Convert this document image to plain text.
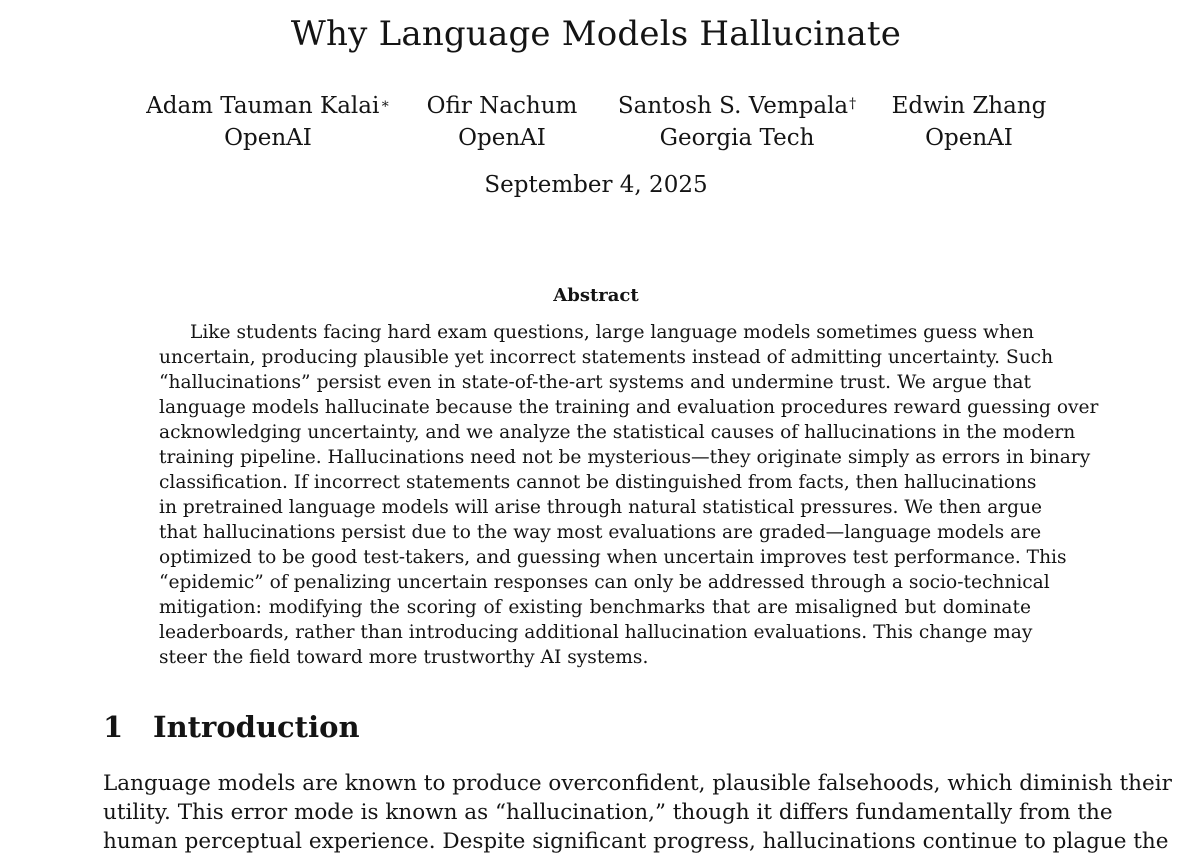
Why Language Models Hallucinate
Adam Tauman Kalai∗
OpenAI
Ofir Nachum
OpenAI
Santosh S. Vempala†
Georgia Tech
Edwin Zhang
OpenAI
September 4, 2025
Abstract
Like students facing hard exam questions, large language models sometimes guess when
uncertain, producing plausible yet incorrect statements instead of admitting uncertainty. Such
“hallucinations” persist even in state-of-the-art systems and undermine trust. We argue that
language models hallucinate because the training and evaluation procedures reward guessing over
acknowledging uncertainty, and we analyze the statistical causes of hallucinations in the modern
training pipeline. Hallucinations need not be mysterious—they originate simply as errors in binary
classification. If incorrect statements cannot be distinguished from facts, then hallucinations
in pretrained language models will arise through natural statistical pressures. We then argue
that hallucinations persist due to the way most evaluations are graded—language models are
optimized to be good test-takers, and guessing when uncertain improves test performance. This
“epidemic” of penalizing uncertain responses can only be addressed through a socio-technical
mitigation: modifying the scoring of existing benchmarks that are misaligned but dominate
leaderboards, rather than introducing additional hallucination evaluations. This change may
steer the field toward more trustworthy AI systems.
1 Introduction
Language models are known to produce overconfident, plausible falsehoods, which diminish their
utility. This error mode is known as “hallucination,” though it differs fundamentally from the
human perceptual experience. Despite significant progress, hallucinations continue to plague the
